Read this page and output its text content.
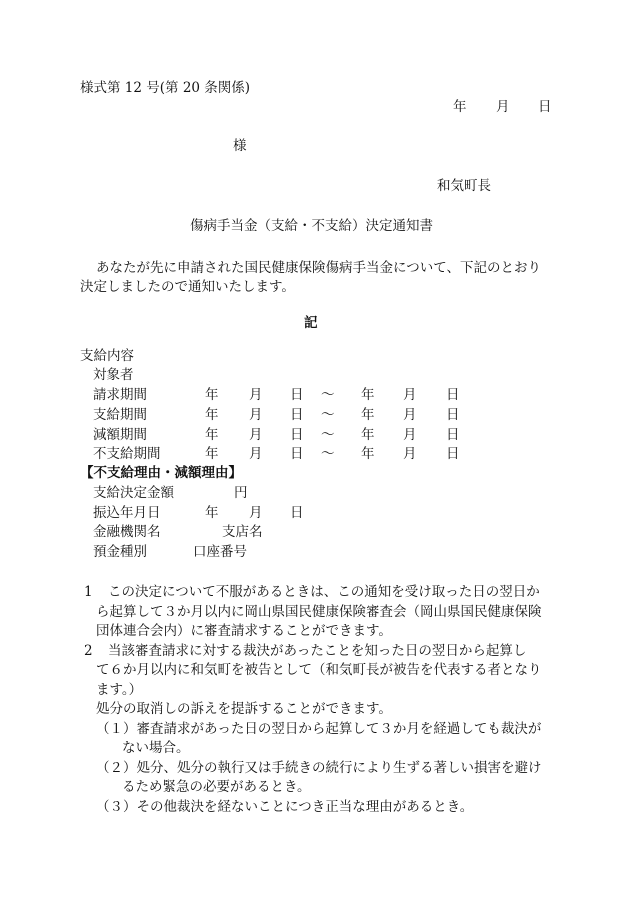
様式第 12 号(第 20 条関係)
年 月 日
様
和気町長
傷病手当金（支給・不支給）決定通知書
あなたが先に申請された国民健康保険傷病手当金について、下記のとおり
決定しましたので通知いたします。
記
支給内容
対象者
請求期間	年 月 日 〜 年 月 日
支給期間	年 月 日 〜 年 月 日
減額期間	年 月 日 〜 年 月 日
不支給期間	年 月 日 〜 年 月 日
【不支給理由・減額理由】
支給決定金額	円
振込年月日	年 月 日
金融機関名	支店名
預金種別	口座番号
1 この決定について不服があるときは、この通知を受け取った日の翌日か
ら起算して３か月以内に岡山県国民健康保険審査会（岡山県国民健康保険
団体連合会内）に審査請求することができます。
2 当該審査請求に対する裁決があったことを知った日の翌日から起算し
て６か月以内に和気町を被告として（和気町長が被告を代表する者となり
ます。）
処分の取消しの訴えを提訴することができます。
（１）審査請求があった日の翌日から起算して３か月を経過しても裁決が
ない場合。
（２）処分、処分の執行又は手続きの続行により生ずる著しい損害を避け
るため緊急の必要があるとき。
（３）その他裁決を経ないことにつき正当な理由があるとき。
